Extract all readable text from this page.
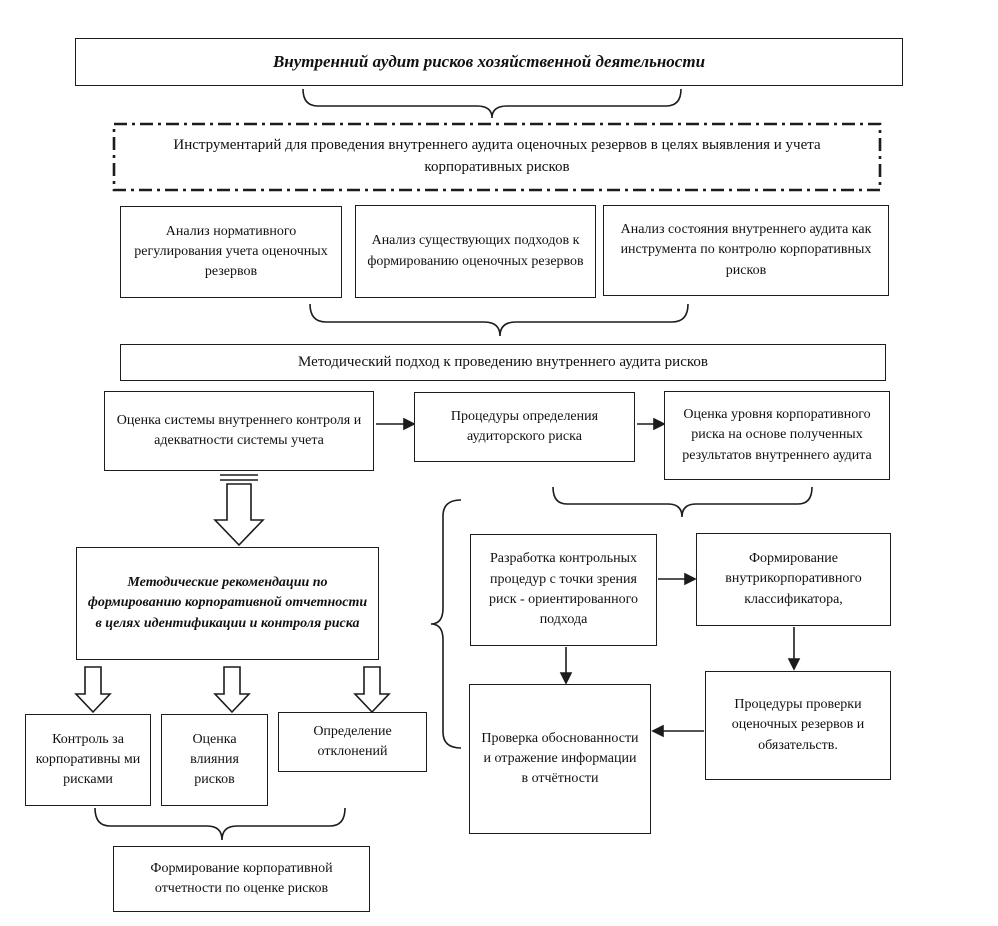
Внутренний аудит рисков хозяйственной деятельности
Инструментарий для проведения внутреннего аудита оценочных резервов в целях выявления и учета корпоративных рисков
Анализ нормативного регулирования учета оценочных резервов
Анализ существующих подходов к формированию оценочных резервов
Анализ состояния внутреннего аудита как инструмента по контролю корпоративных рисков
Методический подход к проведению внутреннего аудита рисков
Оценка системы внутреннего контроля и адекватности системы учета
Процедуры определения аудиторского риска
Оценка уровня корпоративного риска на основе полученных результатов внутреннего аудита
Методические рекомендации по формированию корпоративной отчетности в целях идентификации и контроля риска
Контроль за корпоративны ми рисками
Оценка влияния рисков
Определение отклонений
Формирование корпоративной отчетности по оценке рисков
Разработка контрольных процедур с точки зрения риск - ориентированного подхода
Формирование внутрикорпоративного классификатора,
Процедуры проверки оценочных резервов и обязательств.
Проверка обоснованности и отражение информации в отчётности
